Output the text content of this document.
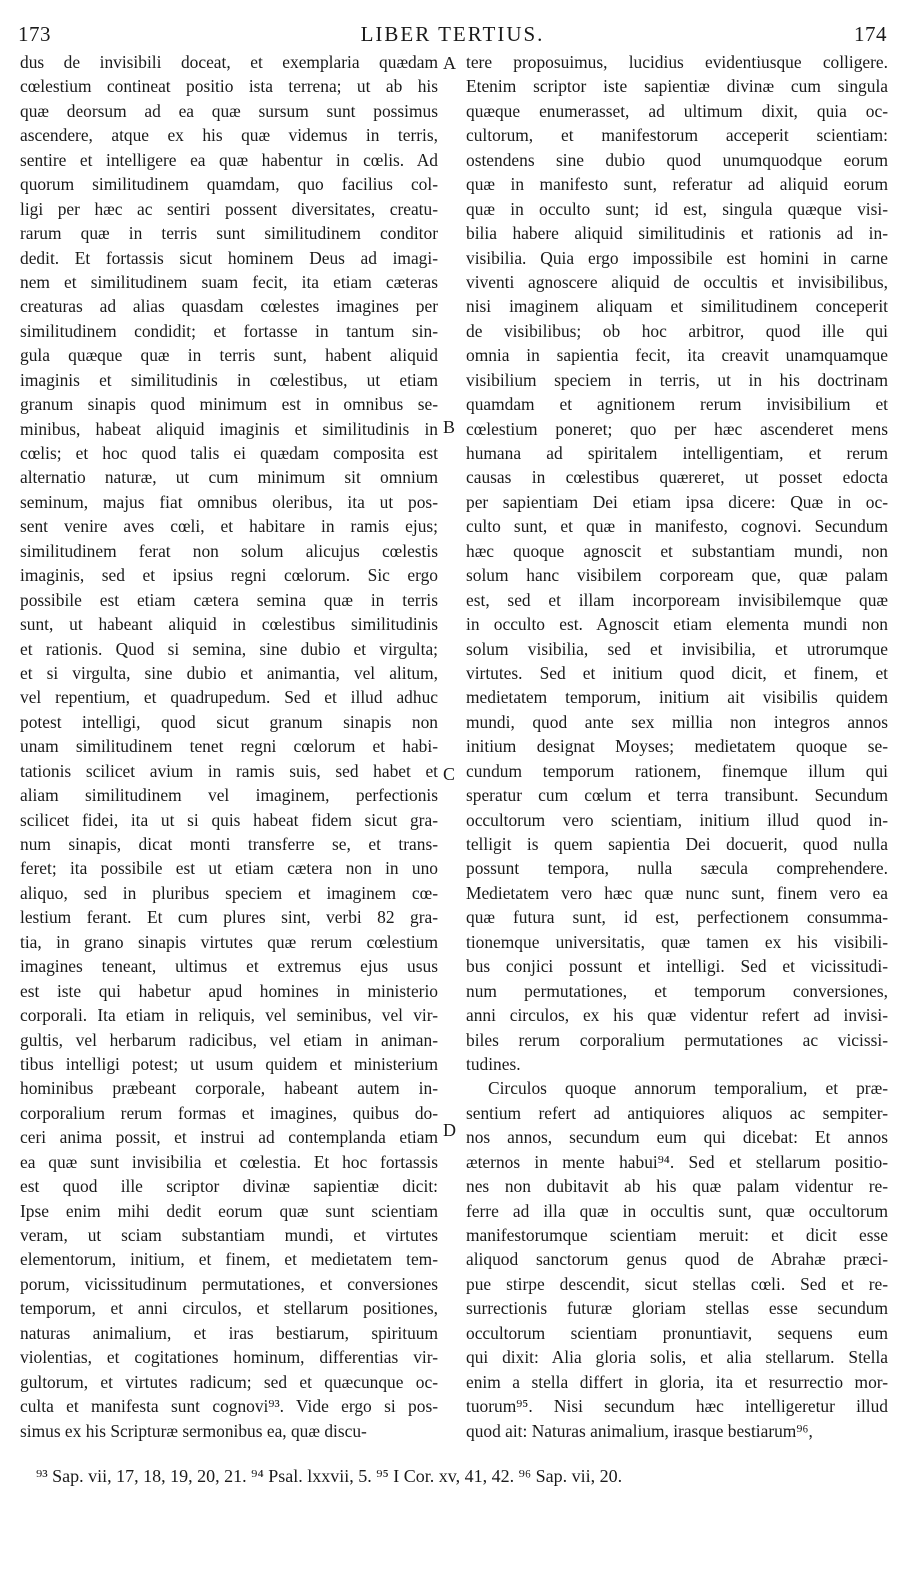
173	LIBER TERTIUS.	174
dus de invisibili doceat, et exemplaria quædam
cœlestium contineat positio ista terrena; ut ab his
quæ deorsum ad ea quæ sursum sunt possimus
ascendere, atque ex his quæ videmus in terris,
sentire et intelligere ea quæ habentur in cœlis. Ad
quorum similitudinem quamdam, quo facilius col-
ligi per hæc ac sentiri possent diversitates, creatu-
rarum quæ in terris sunt similitudinem conditor
dedit. Et fortassis sicut hominem Deus ad imagi-
nem et similitudinem suam fecit, ita etiam cæteras
creaturas ad alias quasdam cœlestes imagines per
similitudinem condidit; et fortasse in tantum sin-
gula quæque quæ in terris sunt, habent aliquid
imaginis et similitudinis in cœlestibus, ut etiam
granum sinapis quod minimum est in omnibus se-
minibus, habeat aliquid imaginis et similitudinis in
cœlis; et hoc quod talis ei quædam composita est
alternatio naturæ, ut cum minimum sit omnium
seminum, majus fiat omnibus oleribus, ita ut pos-
sent venire aves cœli, et habitare in ramis ejus;
similitudinem ferat non solum alicujus cœlestis
imaginis, sed et ipsius regni cœlorum. Sic ergo
possibile est etiam cætera semina quæ in terris
sunt, ut habeant aliquid in cœlestibus similitudinis
et rationis. Quod si semina, sine dubio et virgulta;
et si virgulta, sine dubio et animantia, vel alitum,
vel repentium, et quadrupedum. Sed et illud adhuc
potest intelligi, quod sicut granum sinapis non
unam similitudinem tenet regni cœlorum et habi-
tationis scilicet avium in ramis suis, sed habet et
aliam similitudinem vel imaginem, perfectionis
scilicet fidei, ita ut si quis habeat fidem sicut gra-
num sinapis, dicat monti transferre se, et trans-
feret; ita possibile est ut etiam cætera non in uno
aliquo, sed in pluribus speciem et imaginem cœ-
lestium ferant. Et cum plures sint, verbi 82 gra-
tia, in grano sinapis virtutes quæ rerum cœlestium
imagines teneant, ultimus et extremus ejus usus
est iste qui habetur apud homines in ministerio
corporali. Ita etiam in reliquis, vel seminibus, vel vir-
gultis, vel herbarum radicibus, vel etiam in animan-
tibus intelligi potest; ut usum quidem et ministerium
hominibus præbeant corporale, habeant autem in-
corporalium rerum formas et imagines, quibus do-
ceri anima possit, et instrui ad contemplanda etiam
ea quæ sunt invisibilia et cœlestia. Et hoc fortassis
est quod ille scriptor divinæ sapientiæ dicit:
Ipse enim mihi dedit eorum quæ sunt scientiam
veram, ut sciam substantiam mundi, et virtutes
elementorum, initium, et finem, et medietatem tem-
porum, vicissitudinum permutationes, et conversiones
temporum, et anni circulos, et stellarum positiones,
naturas animalium, et iras bestiarum, spirituum
violentias, et cogitationes hominum, differentias vir-
gultorum, et virtutes radicum; sed et quæcunque oc-
culta et manifesta sunt cognovi⁹³. Vide ergo si pos-
simus ex his Scripturæ sermonibus ea, quæ discu-
tere proposuimus, lucidius evidentiusque colligere.
Etenim scriptor iste sapientiæ divinæ cum singula
quæque enumerasset, ad ultimum dixit, quia oc-
cultorum, et manifestorum acceperit scientiam:
ostendens sine dubio quod unumquodque eorum
quæ in manifesto sunt, referatur ad aliquid eorum
quæ in occulto sunt; id est, singula quæque visi-
bilia habere aliquid similitudinis et rationis ad in-
visibilia. Quia ergo impossibile est homini in carne
viventi agnoscere aliquid de occultis et invisibilibus,
nisi imaginem aliquam et similitudinem conceperit
de visibilibus; ob hoc arbitror, quod ille qui
omnia in sapientia fecit, ita creavit unamquamque
visibilium speciem in terris, ut in his doctrinam
quamdam et agnitionem rerum invisibilium et
cœlestium poneret; quo per hæc ascenderet mens
humana ad spiritalem intelligentiam, et rerum
causas in cœlestibus quæreret, ut posset edocta
per sapientiam Dei etiam ipsa dicere: Quæ in oc-
culto sunt, et quæ in manifesto, cognovi. Secundum
hæc quoque agnoscit et substantiam mundi, non
solum hanc visibilem corpoream que, quæ palam
est, sed et illam incorpoream invisibilemque quæ
in occulto est. Agnoscit etiam elementa mundi non
solum visibilia, sed et invisibilia, et utrorumque
virtutes. Sed et initium quod dicit, et finem, et
medietatem temporum, initium ait visibilis quidem
mundi, quod ante sex millia non integros annos
initium designat Moyses; medietatem quoque se-
cundum temporum rationem, finemque illum qui
speratur cum cœlum et terra transibunt. Secundum
occultorum vero scientiam, initium illud quod in-
telligit is quem sapientia Dei docuerit, quod nulla
possunt tempora, nulla sæcula comprehendere.
Medietatem vero hæc quæ nunc sunt, finem vero ea
quæ futura sunt, id est, perfectionem consumma-
tionemque universitatis, quæ tamen ex his visibili-
bus conjici possunt et intelligi. Sed et vicissitudi-
num permutationes, et temporum conversiones,
anni circulos, ex his quæ videntur refert ad invisi-
biles rerum corporalium permutationes ac vicissi-
tudines.
Circulos quoque annorum temporalium, et præ-
sentium refert ad antiquiores aliquos ac sempiter-
nos annos, secundum eum qui dicebat: Et annos
æternos in mente habui⁹⁴. Sed et stellarum positio-
nes non dubitavit ab his quæ palam videntur re-
ferre ad illa quæ in occultis sunt, quæ occultorum
manifestorumque scientiam meruit: et dicit esse
aliquod sanctorum genus quod de Abrahæ præci-
pue stirpe descendit, sicut stellas cœli. Sed et re-
surrectionis futuræ gloriam stellas esse secundum
occultorum scientiam pronuntiavit, sequens eum
qui dixit: Alia gloria solis, et alia stellarum. Stella
enim a stella differt in gloria, ita et resurrectio mor-
tuorum⁹⁵. Nisi secundum hæc intelligeretur illud
quod ait: Naturas animalium, irasque bestiarum⁹⁶,
A
B
C
D
⁹³ Sap. vii, 17, 18, 19, 20, 21. ⁹⁴ Psal. lxxvii, 5. ⁹⁵ I Cor. xv, 41, 42. ⁹⁶ Sap. vii, 20.
